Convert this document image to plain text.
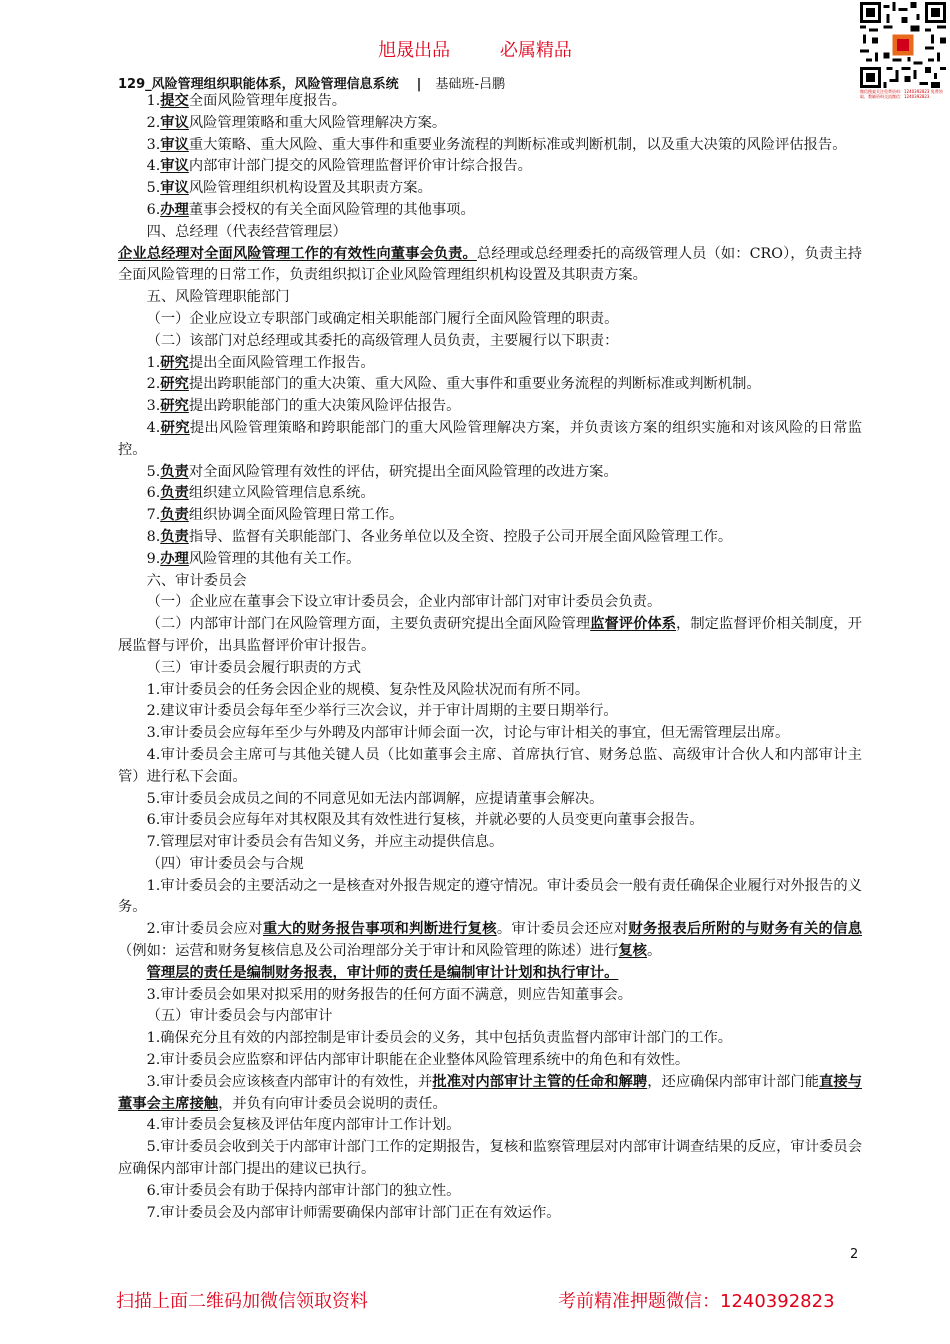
旭晟出品	必属精品
微信搜索关注免费资料：1240392823 免费领取、教辅资料交流微信：1240392823
129_风险管理组织职能体系，风险管理信息系统 | 基础班-吕鹏

1.提交全面风险管理年度报告。

2.审议风险管理策略和重大风险管理解决方案。

3.审议重大策略、重大风险、重大事件和重要业务流程的判断标准或判断机制，以及重大决策的风险评估报告。

4.审议内部审计部门提交的风险管理监督评价审计综合报告。

5.审议风险管理组织机构设置及其职责方案。

6.办理董事会授权的有关全面风险管理的其他事项。

四、总经理（代表经营管理层）

企业总经理对全面风险管理工作的有效性向董事会负责。总经理或总经理委托的高级管理人员（如：CRO），负责主持全面风险管理的日常工作，负责组织拟订企业风险管理组织机构设置及其职责方案。

五、风险管理职能部门

（一）企业应设立专职部门或确定相关职能部门履行全面风险管理的职责。

（二）该部门对总经理或其委托的高级管理人员负责，主要履行以下职责：

1.研究提出全面风险管理工作报告。

2.研究提出跨职能部门的重大决策、重大风险、重大事件和重要业务流程的判断标准或判断机制。

3.研究提出跨职能部门的重大决策风险评估报告。

4.研究提出风险管理策略和跨职能部门的重大风险管理解决方案，并负责该方案的组织实施和对该风险的日常监控。

5.负责对全面风险管理有效性的评估，研究提出全面风险管理的改进方案。

6.负责组织建立风险管理信息系统。

7.负责组织协调全面风险管理日常工作。

8.负责指导、监督有关职能部门、各业务单位以及全资、控股子公司开展全面风险管理工作。

9.办理风险管理的其他有关工作。

六、审计委员会

（一）企业应在董事会下设立审计委员会，企业内部审计部门对审计委员会负责。

（二）内部审计部门在风险管理方面，主要负责研究提出全面风险管理监督评价体系，制定监督评价相关制度，开展监督与评价，出具监督评价审计报告。

（三）审计委员会履行职责的方式

1.审计委员会的任务会因企业的规模、复杂性及风险状况而有所不同。

2.建议审计委员会每年至少举行三次会议，并于审计周期的主要日期举行。

3.审计委员会应每年至少与外聘及内部审计师会面一次，讨论与审计相关的事宜，但无需管理层出席。

4.审计委员会主席可与其他关键人员（比如董事会主席、首席执行官、财务总监、高级审计合伙人和内部审计主管）进行私下会面。

5.审计委员会成员之间的不同意见如无法内部调解，应提请董事会解决。

6.审计委员会应每年对其权限及其有效性进行复核，并就必要的人员变更向董事会报告。

7.管理层对审计委员会有告知义务，并应主动提供信息。

（四）审计委员会与合规

1.审计委员会的主要活动之一是核查对外报告规定的遵守情况。审计委员会一般有责任确保企业履行对外报告的义务。

2.审计委员会应对重大的财务报告事项和判断进行复核。审计委员会还应对财务报表后所附的与财务有关的信息（例如：运营和财务复核信息及公司治理部分关于审计和风险管理的陈述）进行复核。

管理层的责任是编制财务报表，审计师的责任是编制审计计划和执行审计。

3.审计委员会如果对拟采用的财务报告的任何方面不满意，则应告知董事会。

（五）审计委员会与内部审计

1.确保充分且有效的内部控制是审计委员会的义务，其中包括负责监督内部审计部门的工作。

2.审计委员会应监察和评估内部审计职能在企业整体风险管理系统中的角色和有效性。

3.审计委员会应该核查内部审计的有效性，并批准对内部审计主管的任命和解聘，还应确保内部审计部门能直接与董事会主席接触，并负有向审计委员会说明的责任。

4.审计委员会复核及评估年度内部审计工作计划。

5.审计委员会收到关于内部审计部门工作的定期报告，复核和监察管理层对内部审计调查结果的反应，审计委员会应确保内部审计部门提出的建议已执行。

6.审计委员会有助于保持内部审计部门的独立性。

7.审计委员会及内部审计师需要确保内部审计部门正在有效运作。

2
扫描上面二维码加微信领取资料	考前精准押题微信：1240392823
